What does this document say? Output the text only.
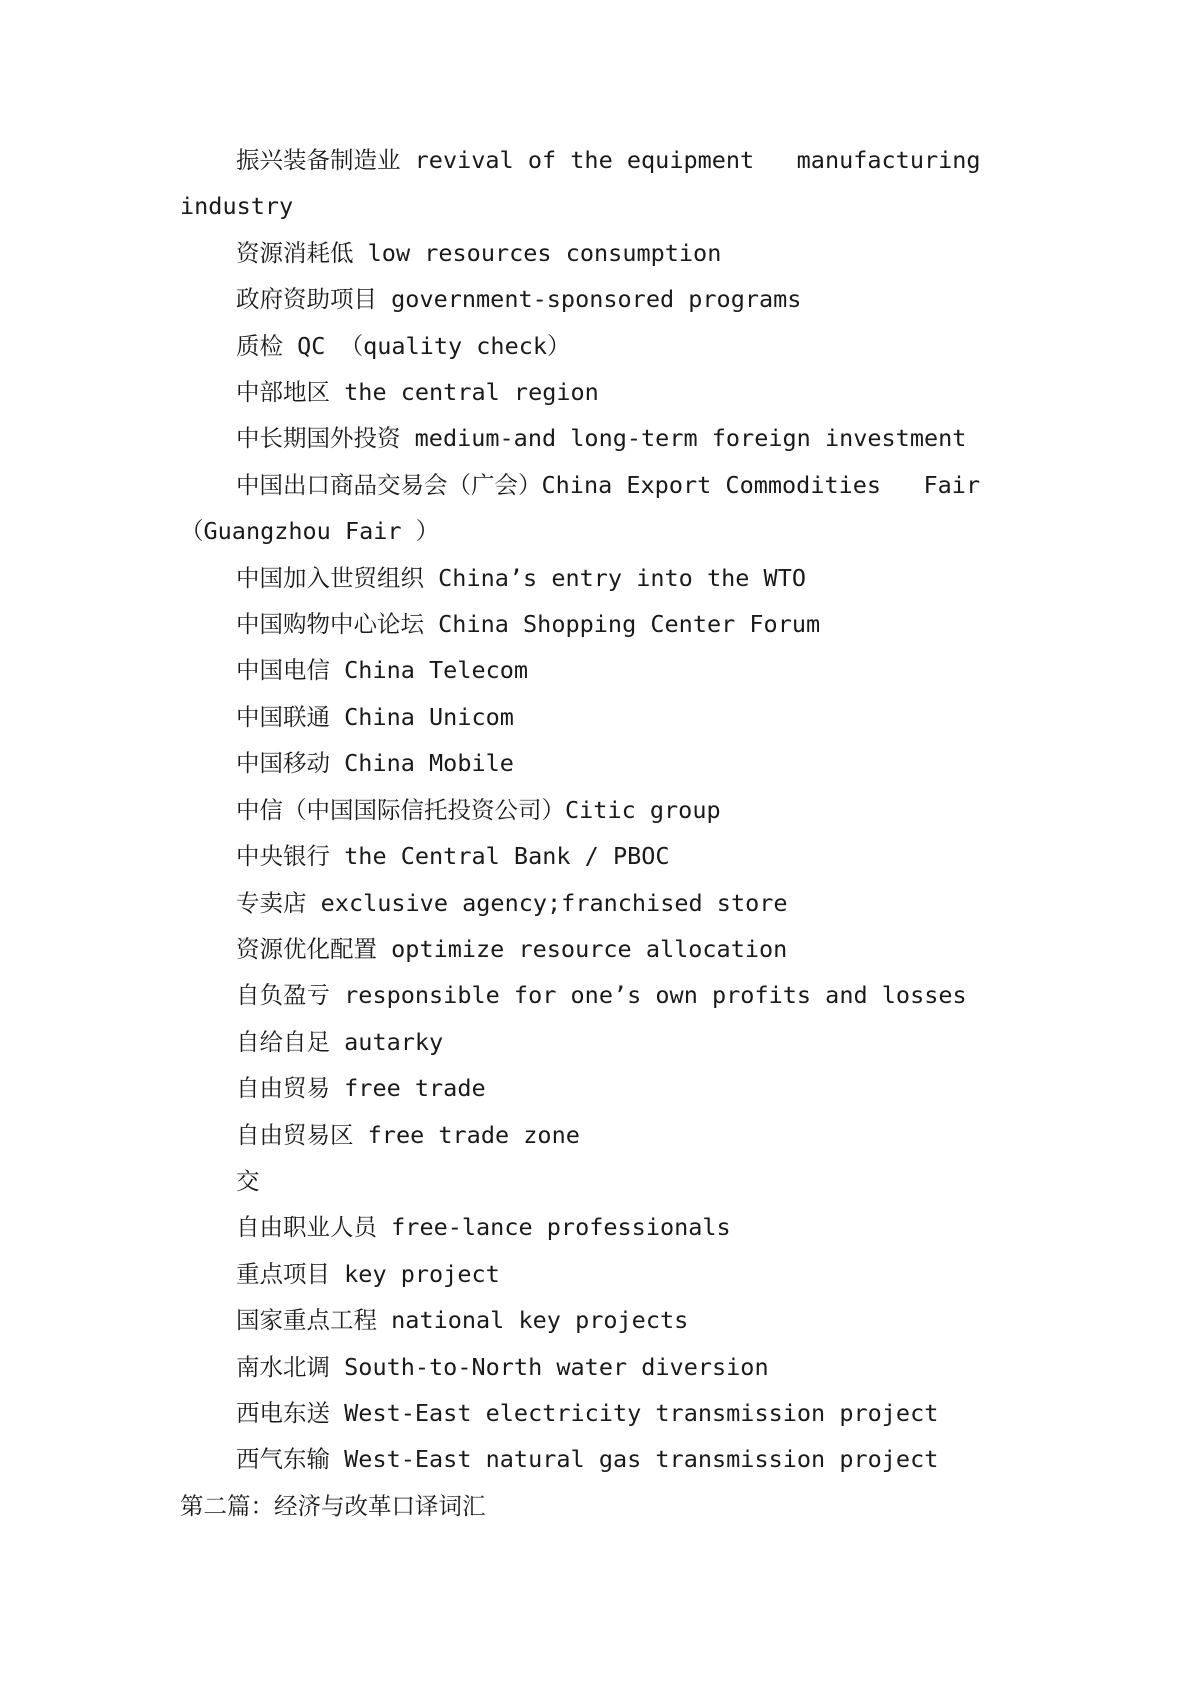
振兴装备制造业 revival of the equipment   manufacturing
industry

资源消耗低 low resources consumption

政府资助项目 government-sponsored programs

质检 QC （quality check）

中部地区 the central region

中长期国外投资 medium-and long-term foreign investment

中国出口商品交易会（广会）China Export Commodities   Fair
（Guangzhou Fair ）

中国加入世贸组织 China’s entry into the WTO

中国购物中心论坛 China Shopping Center Forum

中国电信 China Telecom

中国联通 China Unicom

中国移动 China Mobile

中信（中国国际信托投资公司）Citic group

中央银行 the Central Bank / PBOC

专卖店 exclusive agency;franchised store

资源优化配置 optimize resource allocation

自负盈亏 responsible for one’s own profits and losses

自给自足 autarky

自由贸易 free trade

自由贸易区 free trade zone

交

自由职业人员 free-lance professionals

重点项目 key project

国家重点工程 national key projects

南水北调 South-to-North water diversion

西电东送 West-East electricity transmission project

西气东输 West-East natural gas transmission project

第二篇：经济与改革口译词汇
